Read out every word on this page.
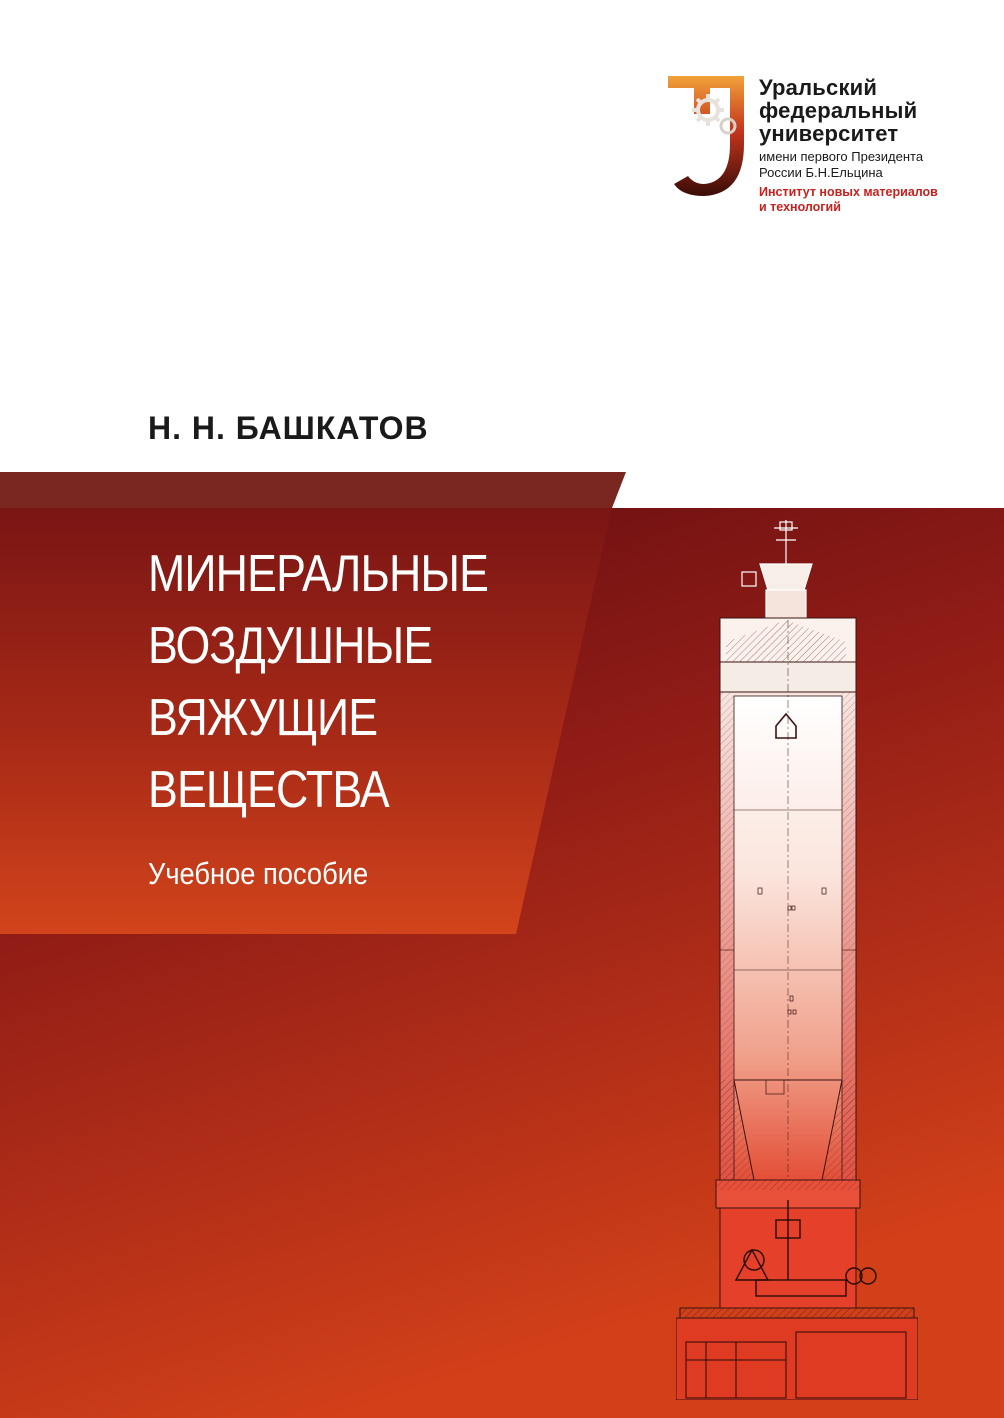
Уральский
федеральный
университет
имени первого Президента
России Б.Н.Ельцина
Институт новых материалов
и технологий
Н. Н. БАШКАТОВ
МИНЕРАЛЬНЫЕ
ВОЗДУШНЫЕ
ВЯЖУЩИЕ
ВЕЩЕСТВА
Учебное пособие
